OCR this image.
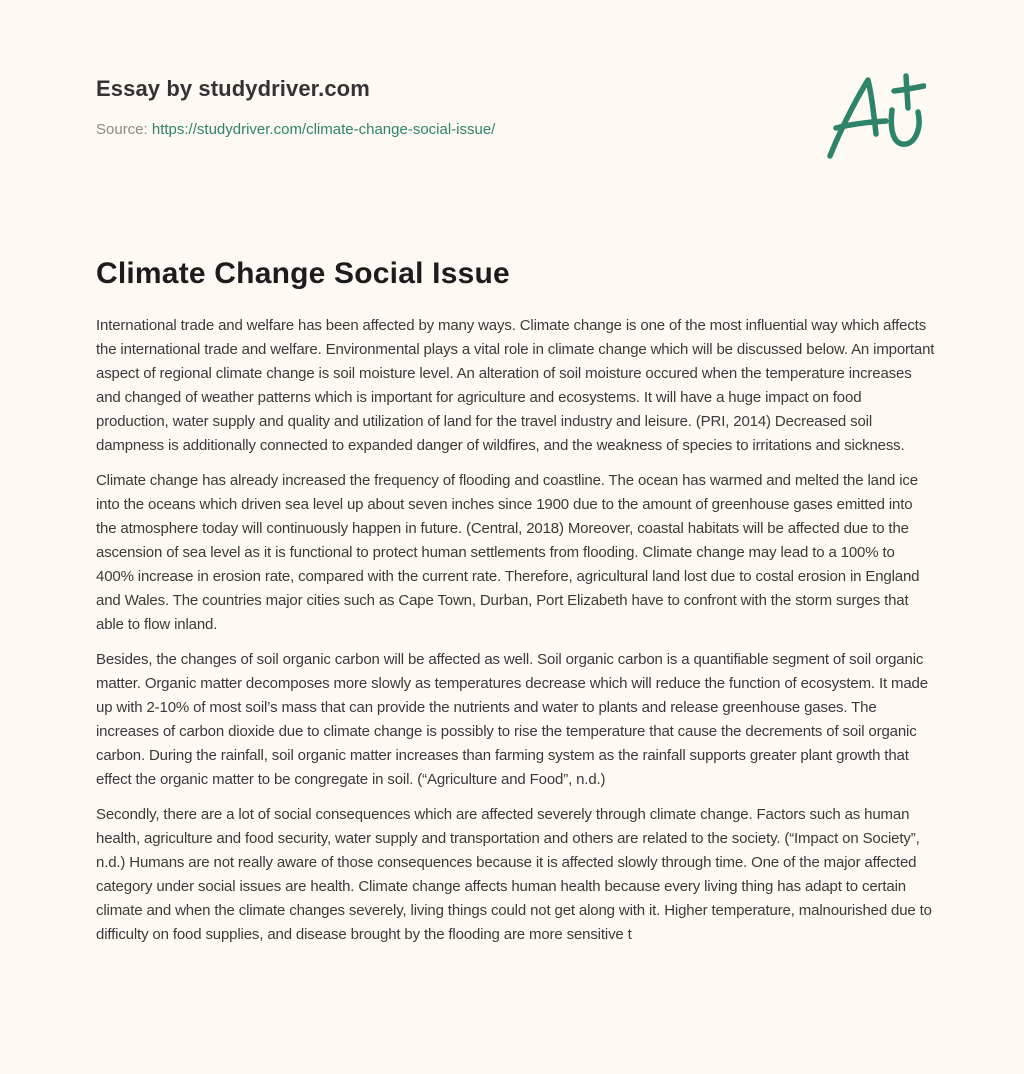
Essay by studydriver.com
Source: https://studydriver.com/climate-change-social-issue/
Climate Change Social Issue

International trade and welfare has been affected by many ways. Climate change is one of the most influential way which affects the international trade and welfare. Environmental plays a vital role in climate change which will be discussed below. An important aspect of regional climate change is soil moisture level. An alteration of soil moisture occured when the temperature increases and changed of weather patterns which is important for agriculture and ecosystems. It will have a huge impact on food production, water supply and quality and utilization of land for the travel industry and leisure. (PRI, 2014) Decreased soil dampness is additionally connected to expanded danger of wildfires, and the weakness of species to irritations and sickness.

Climate change has already increased the frequency of flooding and coastline. The ocean has warmed and melted the land ice into the oceans which driven sea level up about seven inches since 1900 due to the amount of greenhouse gases emitted into the atmosphere today will continuously happen in future. (Central, 2018) Moreover, coastal habitats will be affected due to the ascension of sea level as it is functional to protect human settlements from flooding. Climate change may lead to a 100% to 400% increase in erosion rate, compared with the current rate. Therefore, agricultural land lost due to costal erosion in England and Wales. The countries major cities such as Cape Town, Durban, Port Elizabeth have to confront with the storm surges that able to flow inland.

Besides, the changes of soil organic carbon will be affected as well. Soil organic carbon is a quantifiable segment of soil organic matter. Organic matter decomposes more slowly as temperatures decrease which will reduce the function of ecosystem. It made up with 2-10% of most soil’s mass that can provide the nutrients and water to plants and release greenhouse gases. The increases of carbon dioxide due to climate change is possibly to rise the temperature that cause the decrements of soil organic carbon. During the rainfall, soil organic matter increases than farming system as the rainfall supports greater plant growth that effect the organic matter to be congregate in soil. (“Agriculture and Food”, n.d.)

Secondly, there are a lot of social consequences which are affected severely through climate change. Factors such as human health, agriculture and food security, water supply and transportation and others are related to the society. (“Impact on Society”, n.d.) Humans are not really aware of those consequences because it is affected slowly through time. One of the major affected category under social issues are health. Climate change affects human health because every living thing has adapt to certain climate and when the climate changes severely, living things could not get along with it. Higher temperature, malnourished due to difficulty on food supplies, and disease brought by the flooding are more sensitive t
